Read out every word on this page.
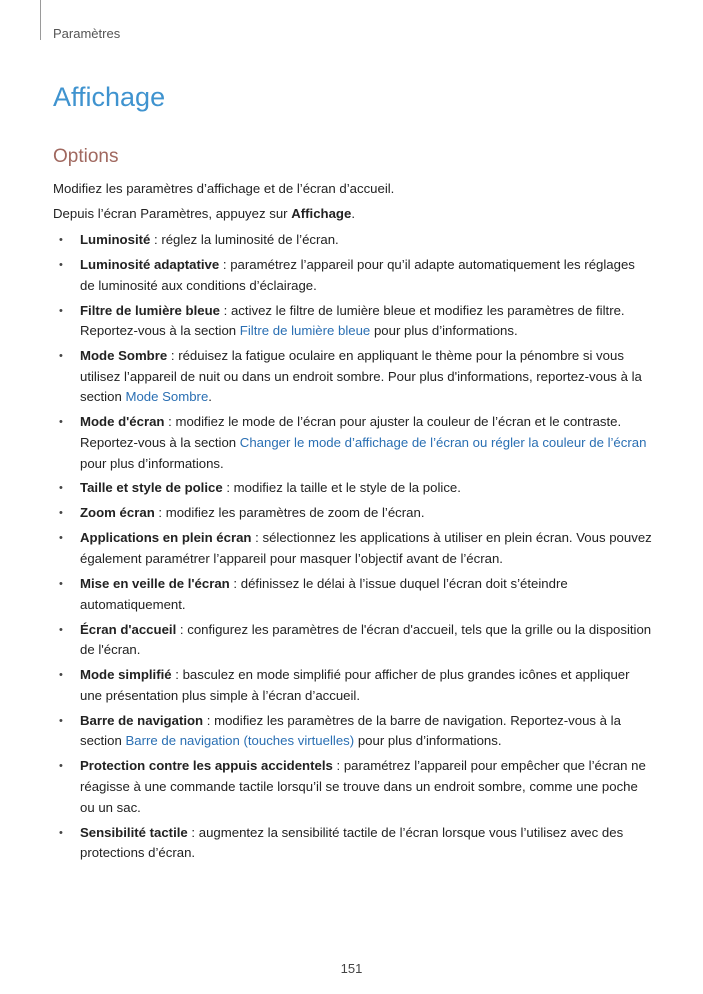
Paramètres
Affichage
Options

Modifiez les paramètres d’affichage et de l’écran d’accueil.

Depuis l’écran Paramètres, appuyez sur Affichage.

• Luminosité : réglez la luminosité de l’écran.
• Luminosité adaptative : paramétrez l’appareil pour qu’il adapte automatiquement les réglages de luminosité aux conditions d’éclairage.
• Filtre de lumière bleue : activez le filtre de lumière bleue et modifiez les paramètres de filtre. Reportez-vous à la section Filtre de lumière bleue pour plus d’informations.
• Mode Sombre : réduisez la fatigue oculaire en appliquant le thème pour la pénombre si vous utilisez l’appareil de nuit ou dans un endroit sombre. Pour plus d'informations, reportez-vous à la section Mode Sombre.
• Mode d'écran : modifiez le mode de l’écran pour ajuster la couleur de l’écran et le contraste. Reportez-vous à la section Changer le mode d’affichage de l’écran ou régler la couleur de l’écran pour plus d’informations.
• Taille et style de police : modifiez la taille et le style de la police.
• Zoom écran : modifiez les paramètres de zoom de l’écran.
• Applications en plein écran : sélectionnez les applications à utiliser en plein écran. Vous pouvez également paramétrer l’appareil pour masquer l’objectif avant de l’écran.
• Mise en veille de l'écran : définissez le délai à l’issue duquel l’écran doit s’éteindre automatiquement.
• Écran d'accueil : configurez les paramètres de l'écran d'accueil, tels que la grille ou la disposition de l'écran.
• Mode simplifié : basculez en mode simplifié pour afficher de plus grandes icônes et appliquer une présentation plus simple à l’écran d’accueil.
• Barre de navigation : modifiez les paramètres de la barre de navigation. Reportez-vous à la section Barre de navigation (touches virtuelles) pour plus d’informations.
• Protection contre les appuis accidentels : paramétrez l’appareil pour empêcher que l’écran ne réagisse à une commande tactile lorsqu’il se trouve dans un endroit sombre, comme une poche ou un sac.
• Sensibilité tactile : augmentez la sensibilité tactile de l’écran lorsque vous l’utilisez avec des protections d’écran.
151
